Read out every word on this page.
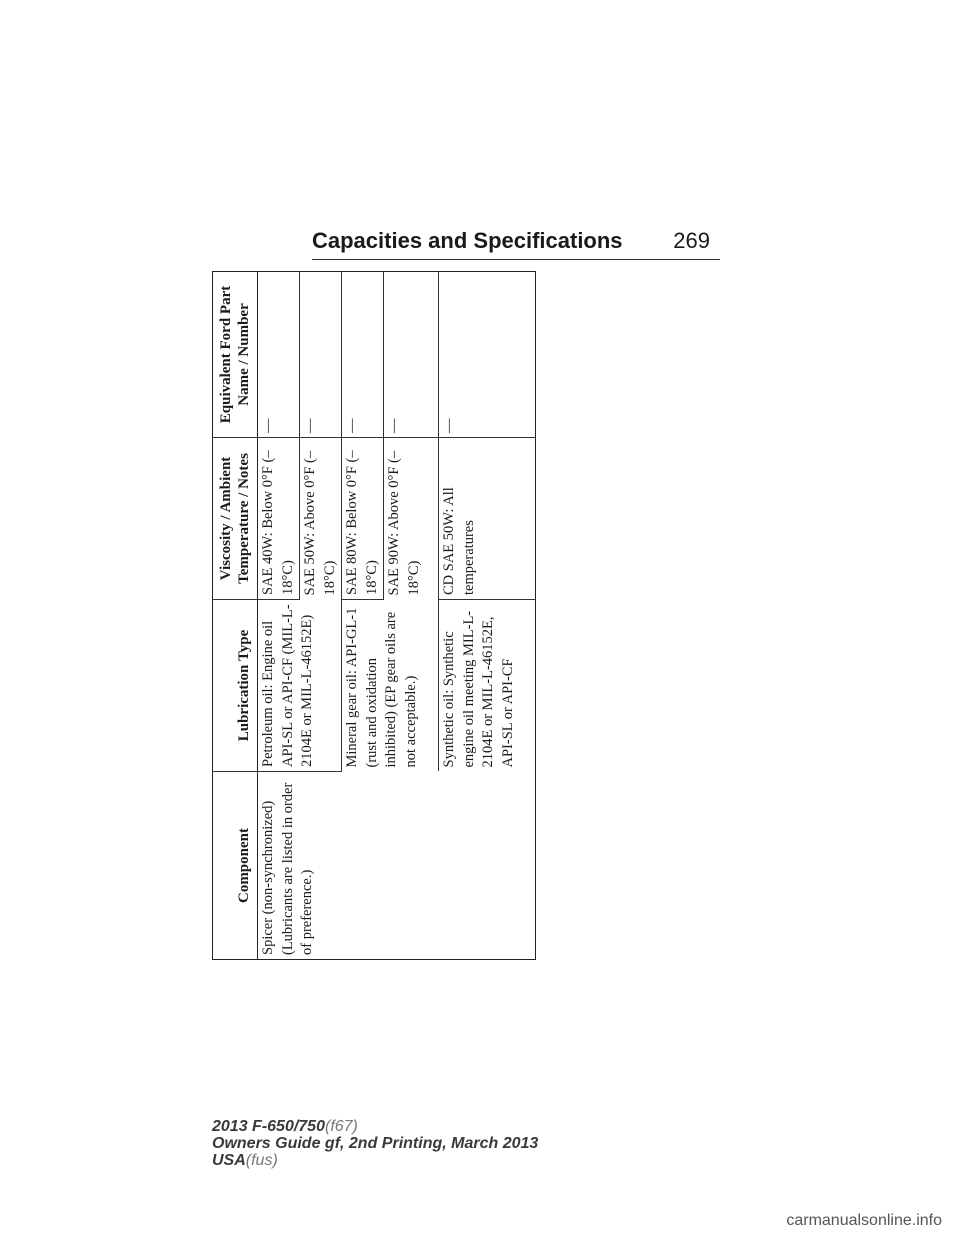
Capacities and Specifications	269
Component	Lubrication Type	Viscosity / Ambient Temperature / Notes	Equivalent Ford Part Name / Number
Spicer (non-synchronized) (Lubricants are listed in order of preference.)	Petroleum oil: Engine oil API-SL or API-CF (MIL-L-2104E or MIL-L-46152E)	SAE 40W: Below 0°F (–18°C)	—
		SAE 50W: Above 0°F (–18°C)	—
	Mineral gear oil: API-GL-1 (rust and oxidation inhibited) (EP gear oils are not acceptable.)	SAE 80W: Below 0°F (–18°C)	—
		SAE 90W: Above 0°F (–18°C)	—
	Synthetic oil: Synthetic engine oil meeting MIL-L-2104E or MIL-L-46152E, API-SL or API-CF	CD SAE 50W: All temperatures	—
2013 F-650/750(f67)
Owners Guide gf, 2nd Printing, March 2013
USA(fus)
carmanualsonline.info
